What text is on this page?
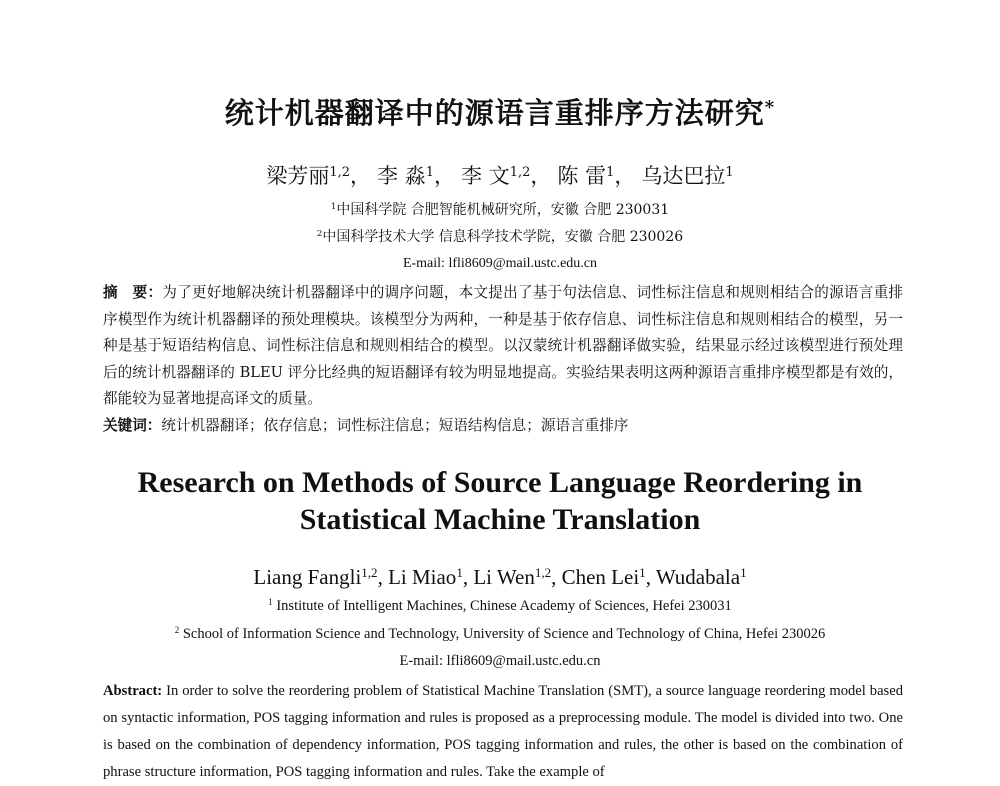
统计机器翻译中的源语言重排序方法研究*
梁芳丽$^{1,2}$， 李 淼$^1$， 李 文$^{1,2}$， 陈 雷$^1$， 乌达巴拉$^1$
$^1$中国科学院 合肥智能机械研究所，安徽 合肥 230031
$^2$中国科学技术大学 信息科学技术学院，安徽 合肥 230026
E-mail: lfli8609@mail.ustc.edu.cn
摘　要：为了更好地解决统计机器翻译中的调序问题，本文提出了基于句法信息、词性标注信息和规则相结合的源语言重排序模型作为统计机器翻译的预处理模块。该模型分为两种，一种是基于依存信息、词性标注信息和规则相结合的模型，另一种是基于短语结构信息、词性标注信息和规则相结合的模型。以汉蒙统计机器翻译做实验，结果显示经过该模型进行预处理后的统计机器翻译的 BLEU 评分比经典的短语翻译有较为明显地提高。实验结果表明这两种源语言重排序模型都是有效的，都能较为显著地提高译文的质量。
关键词：统计机器翻译；依存信息；词性标注信息；短语结构信息；源语言重排序
Research on Methods of Source Language Reordering in
Statistical Machine Translation
Liang Fangli$^{1,2}$, Li Miao$^1$, Li Wen$^{1,2}$, Chen Lei$^1$, Wudabala$^1$
$^1$ Institute of Intelligent Machines, Chinese Academy of Sciences, Hefei 230031
$^2$ School of Information Science and Technology, University of Science and Technology of China, Hefei 230026
E-mail: lfli8609@mail.ustc.edu.cn
Abstract: In order to solve the reordering problem of Statistical Machine Translation (SMT), a source language reordering model based on syntactic information, POS tagging information and rules is proposed as a preprocessing module. The model is divided into two. One is based on the combination of dependency information, POS tagging information and rules, the other is based on the combination of phrase structure information, POS tagging information and rules. Take the example of
